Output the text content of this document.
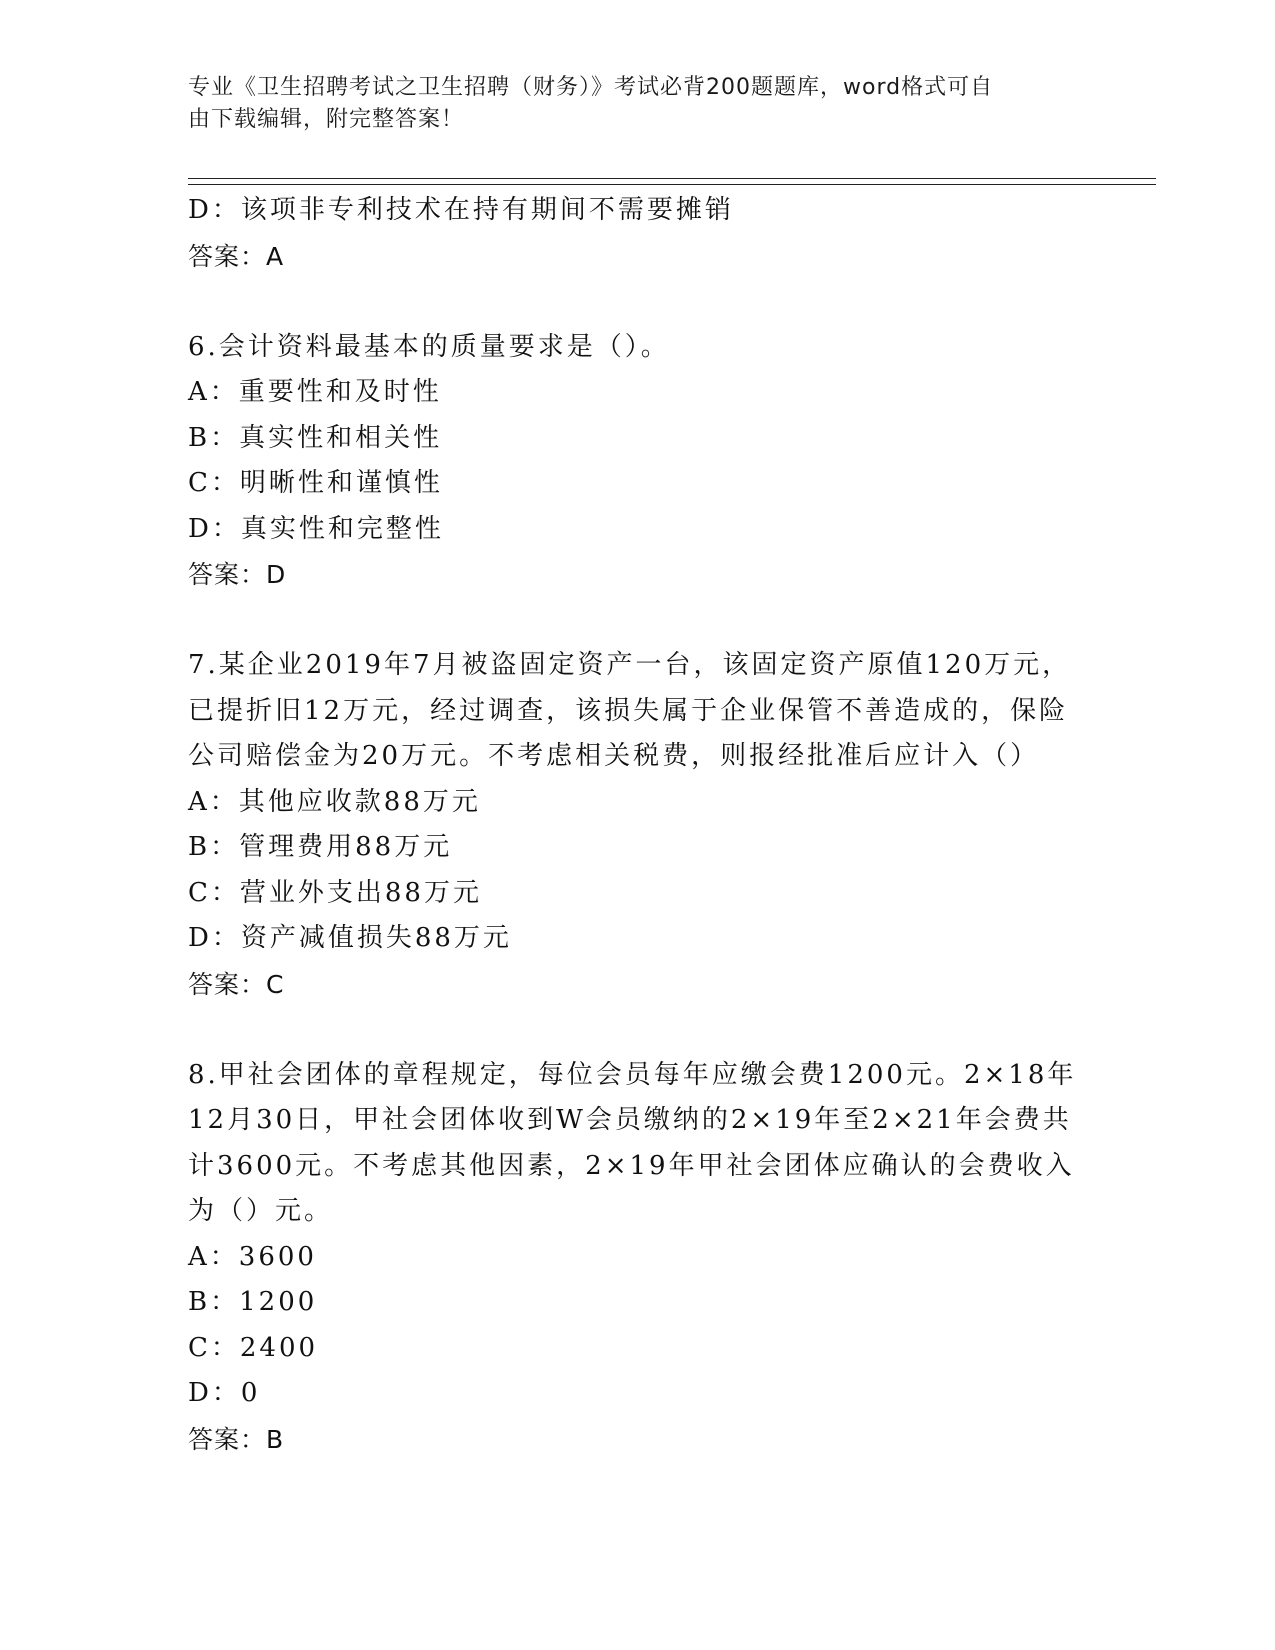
专业《卫生招聘考试之卫生招聘（财务）》考试必背200题题库，word格式可自
由下载编辑，附完整答案！
D：该项非专利技术在持有期间不需要摊销
答案：A
6.会计资料最基本的质量要求是（）。
A：重要性和及时性
B：真实性和相关性
C：明晰性和谨慎性
D：真实性和完整性
答案：D
7.某企业2019年7月被盗固定资产一台，该固定资产原值120万元，
已提折旧12万元，经过调查，该损失属于企业保管不善造成的，保险
公司赔偿金为20万元。不考虑相关税费，则报经批准后应计入（）
A：其他应收款88万元
B：管理费用88万元
C：营业外支出88万元
D：资产减值损失88万元
答案：C
8.甲社会团体的章程规定，每位会员每年应缴会费1200元。2×18年
12月30日，甲社会团体收到W会员缴纳的2×19年至2×21年会费共
计3600元。不考虑其他因素，2×19年甲社会团体应确认的会费收入
为（）元。
A：3600
B：1200
C：2400
D：0
答案：B
